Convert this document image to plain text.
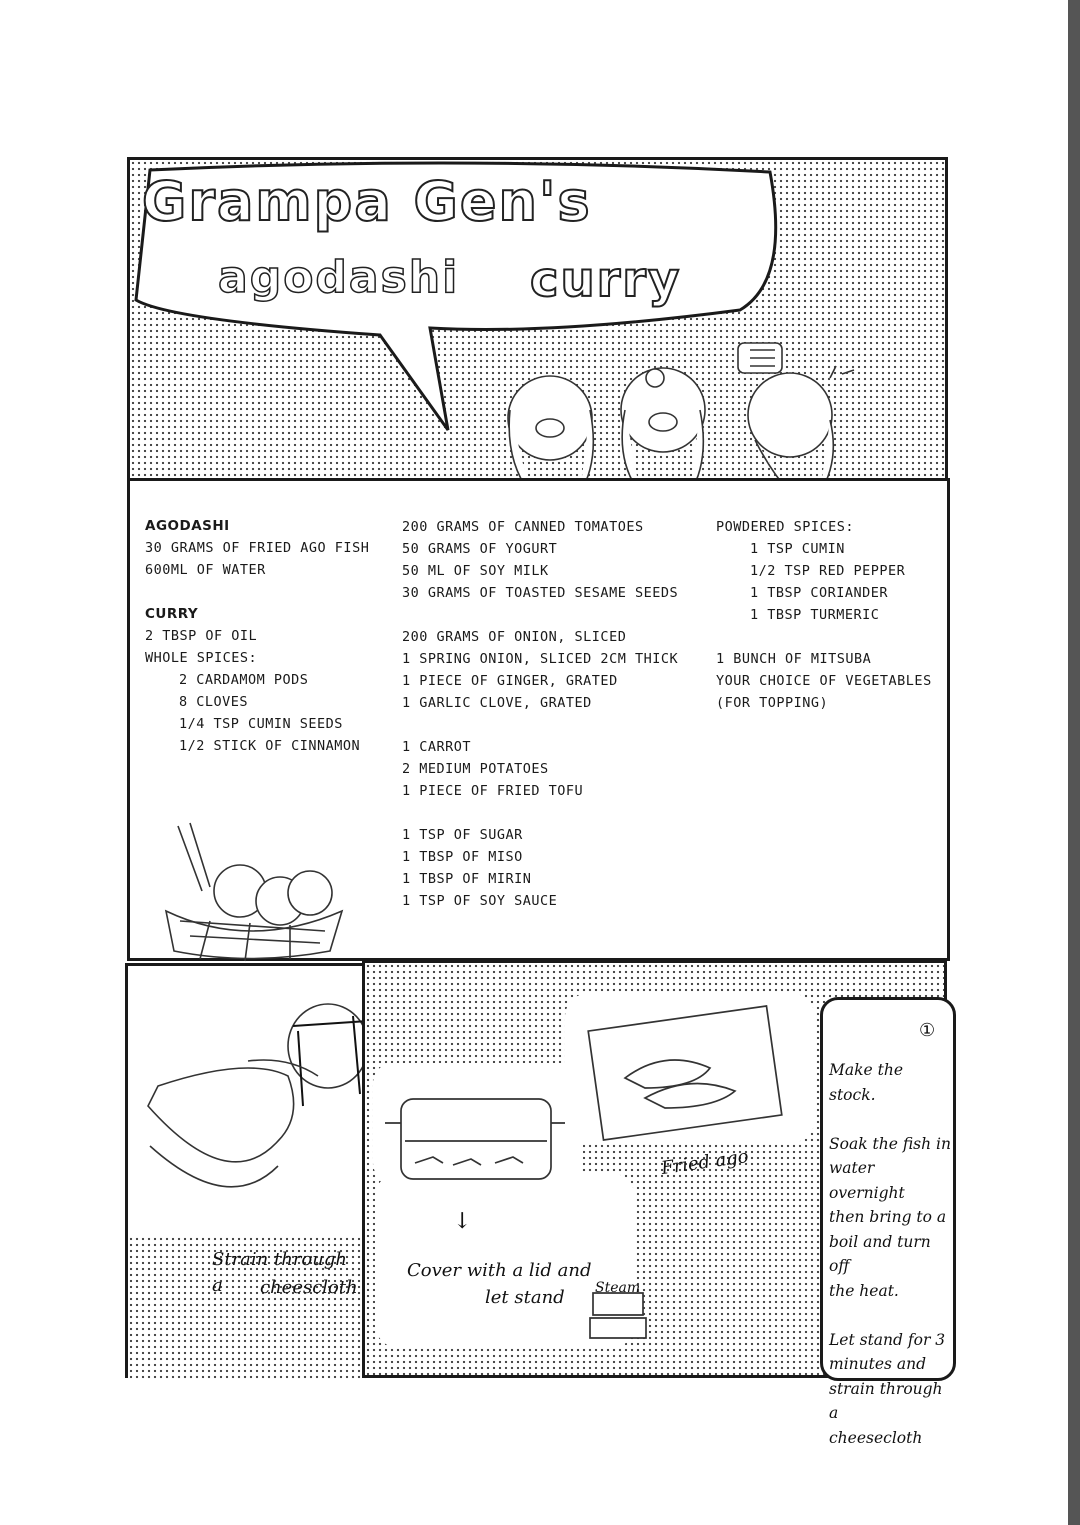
Grampa Gen's
agodashi curry
AGODASHI
30 GRAMS OF FRIED AGO FISH
600ML OF WATER
CURRY
2 TBSP OF OIL
WHOLE SPICES:
2 CARDAMOM PODS
8 CLOVES
1/4 TSP CUMIN SEEDS
1/2 STICK OF CINNAMON
200 GRAMS OF CANNED TOMATOES
50 GRAMS OF YOGURT
50 ML OF SOY MILK
30 GRAMS OF TOASTED SESAME SEEDS
200 GRAMS OF ONION, SLICED
1 SPRING ONION, SLICED 2CM THICK
1 PIECE OF GINGER, GRATED
1 GARLIC CLOVE, GRATED
1 CARROT
2 MEDIUM POTATOES
1 PIECE OF FRIED TOFU
1 TSP OF SUGAR
1 TBSP OF MISO
1 TBSP OF MIRIN
1 TSP OF SOY SAUCE
POWDERED SPICES:
1 TSP CUMIN
1/2 TSP RED PEPPER
1 TBSP CORIANDER
1 TBSP TURMERIC
1 BUNCH OF MITSUBA
YOUR CHOICE OF VEGETABLES
(FOR TOPPING)
Strain through a	cheescloth
Fried ago
↓
Cover with a lid and
let stand Steam
①
Make the stock.
Soak the fish in
water overnight
then bring to a
boil and turn off
the heat.
Let stand for 3
minutes and
strain through a
cheesecloth
